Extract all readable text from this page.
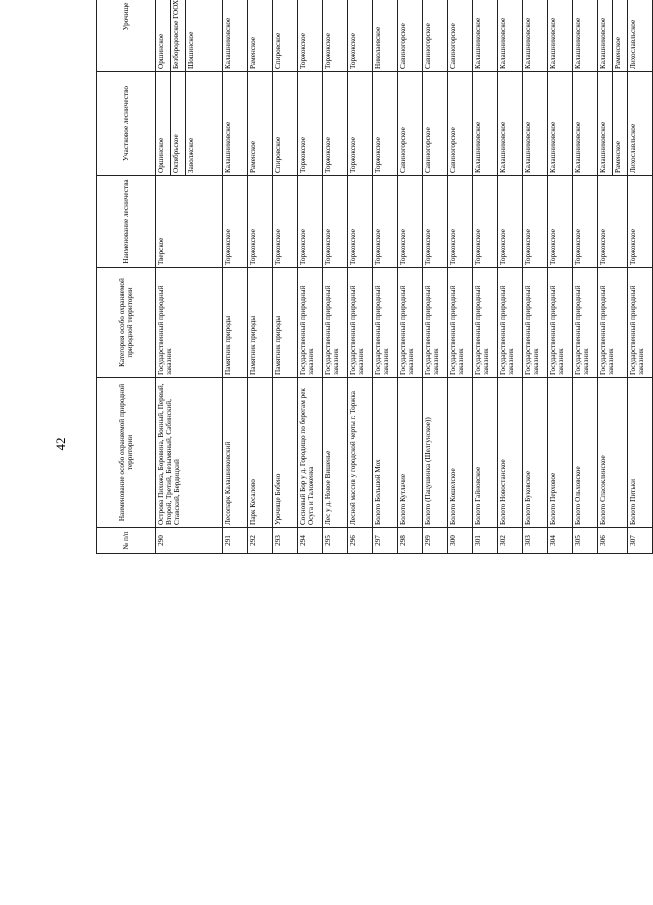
42
№ п/п	Наименование особо охраняемой природной территории	Категория особо охраняемой природной территории	Наименование лесничества	Участковое лесничество	Урочище		
290	Острова Пихожа, Боровина, Вонный, Первый, Второй, Третий, Безымяный, Сабинский, Ставский, Бердицкий	Государственный природный заказник	Тверское	Оршинское	Оршинское		
				Октябрьское	Безбородовское ГООХ	
				Заволжское	Шошинское	
291	Лесопарк Калашниковский	Памятник природы	Торжокское	Калашниковское	Калашниковское		
292	Парк Кесалово	Памятник природы	Торжокское	Раменское	Раменское		
293	Урочище Бобено	Памятник природы	Торжокское	Спировское	Спировское		
294	Сосновый Бор у д. Городищо по берегам рек Осуга и Таложенка	Государственный природный заказник	Торжокское	Торжокское	Торжокское		
295	Лес у д. Новое Вишенье	Государственный природный заказник	Торжокское	Торжокское	Торжокское		
296	Лесной массив у городской черты г. Торжка	Государственный природный заказник	Торжокское	Торжокское	Торжокское		
297	Болото Большой Мох	Государственный природный заказник	Торжокское	Торжокское	Николаевское		
298	Болото Кутлачие	Государственный природный заказник	Торжокское	Савиногорское	Савиногорское		
299	Болото (Пацушинка (Шелгунское))	Государственный природный заказник	Торжокское	Савиногорское	Савиногорское		
300	Болото Кошелское	Государственный природный заказник	Торжокское	Савиногорское	Савиногорское		
301	Болото Гайновское	Государственный природный заказник	Торжокское	Калашниковское	Калашниковское		
302	Болото Новостанское	Государственный природный заказник	Торжокское	Калашниковское	Калашниковское		
303	Болото Буковское	Государственный природный заказник	Торжокское	Калашниковское	Калашниковское		
304	Болото Перховое	Государственный природный заказник	Торжокское	Калашниковское	Калашниковское		
305	Болото Ольховское	Государственный природный заказник	Торжокское	Калашниковское	Калашниковское		
306	Болото Спасоклинское	Государственный природный заказник	Торжокское	Калашниковское	Калашниковское		
				Раменское	Раменское	
307	Болото Питьки	Государственный природный заказник	Торжокское	Лихославльское	Лихославльское		
